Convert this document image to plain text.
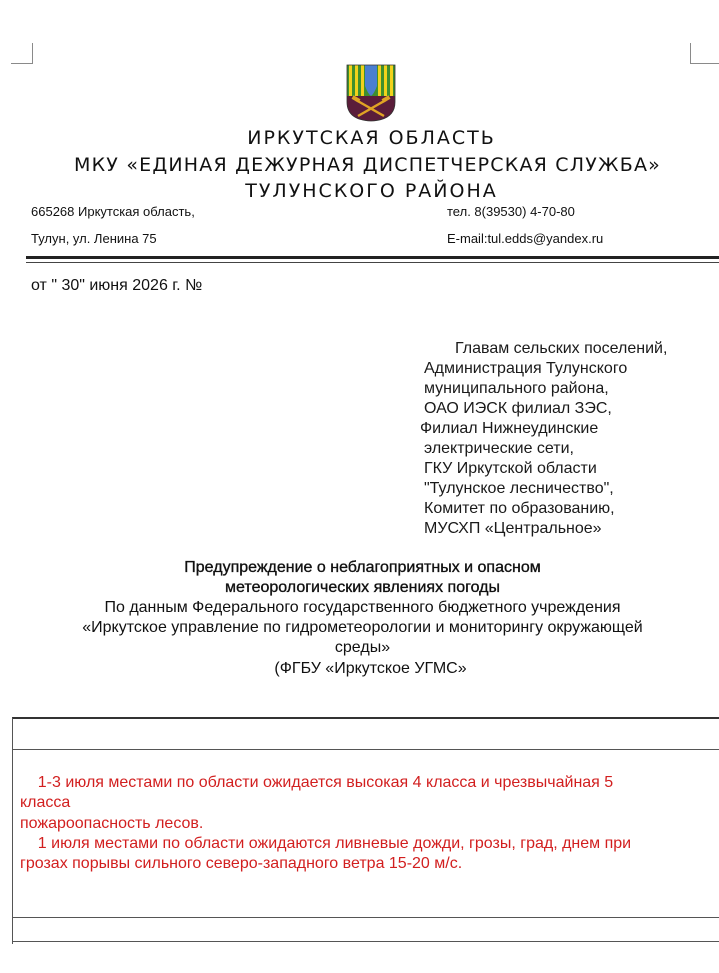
ИРКУТСКАЯ ОБЛАСТЬ
МКУ «ЕДИНАЯ ДЕЖУРНАЯ ДИСПЕТЧЕРСКАЯ СЛУЖБА»
ТУЛУНСКОГО РАЙОНА
665268 Иркутская область,	тел. 8(39530) 4-70-80
Тулун, ул. Ленина 75	E-mail:tul.edds@yandex.ru
от " 30" июня 2026 г. №
Главам сельских поселений,
Администрация Тулунского
муниципального района,
ОАО ИЭСК филиал ЗЭС,
Филиал Нижнеудинские
электрические сети,
ГКУ Иркутской области
"Тулунское лесничество",
Комитет по образованию,
МУСХП «Центральное»
Предупреждение о неблагоприятных и опасном
метеорологических явлениях погоды
По данным Федерального государственного бюджетного учреждения
«Иркутское управление по гидрометеорологии и мониторингу окружающей
среды»
(ФГБУ «Иркутское УГМС»
1-3 июля местами по области ожидается высокая 4 класса и чрезвычайная 5
класса
пожароопасность лесов.
1 июля местами по области ожидаются ливневые дожди, грозы, град, днем при
грозах порывы сильного северо-западного ветра 15-20 м/с.
